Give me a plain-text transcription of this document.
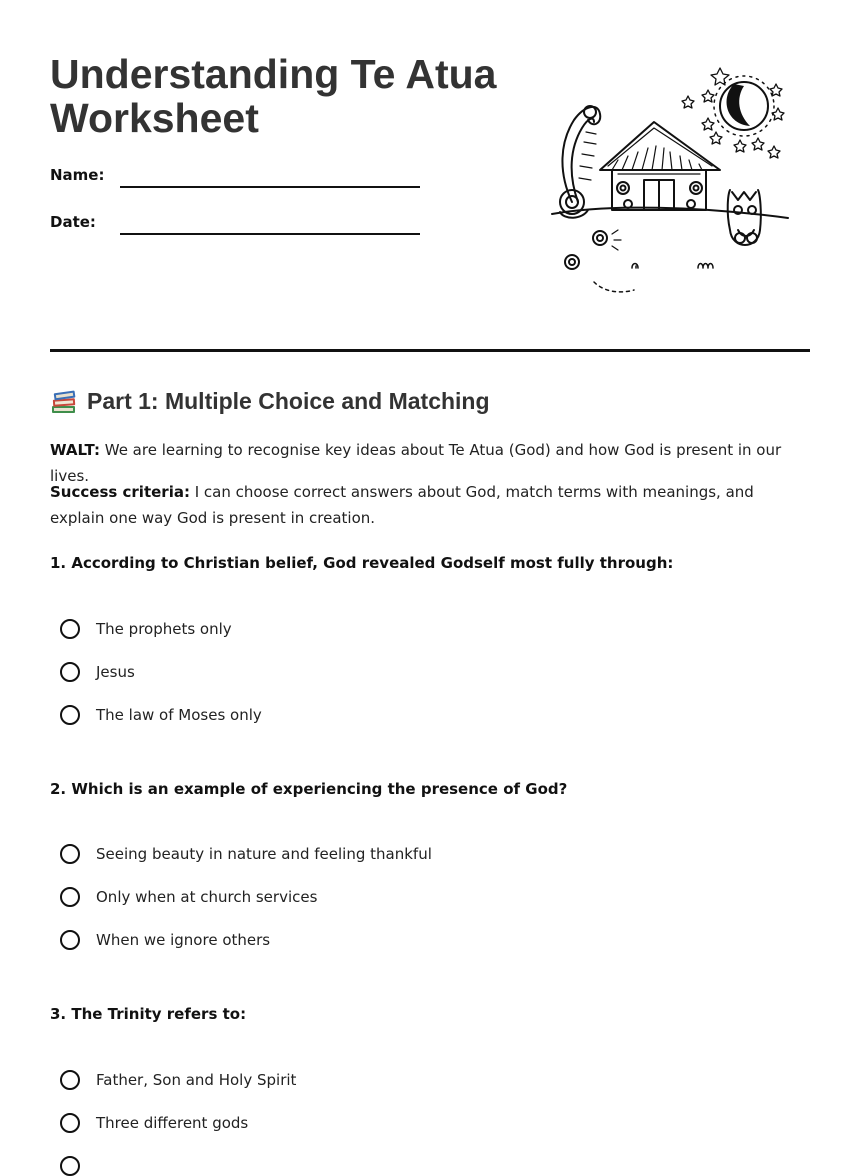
Understanding Te Atua
Worksheet
Name:
Date:
Part 1: Multiple Choice and Matching

WALT: We are learning to recognise key ideas about Te Atua (God) and how God is present in our lives.

Success criteria: I can choose correct answers about God, match terms with meanings, and explain one way God is present in creation.

1. According to Christian belief, God revealed Godself most fully through:

The prophets only
Jesus
The law of Moses only

2. Which is an example of experiencing the presence of God?

Seeing beauty in nature and feeling thankful
Only when at church services
When we ignore others

3. The Trinity refers to:

Father, Son and Holy Spirit
Three different gods
